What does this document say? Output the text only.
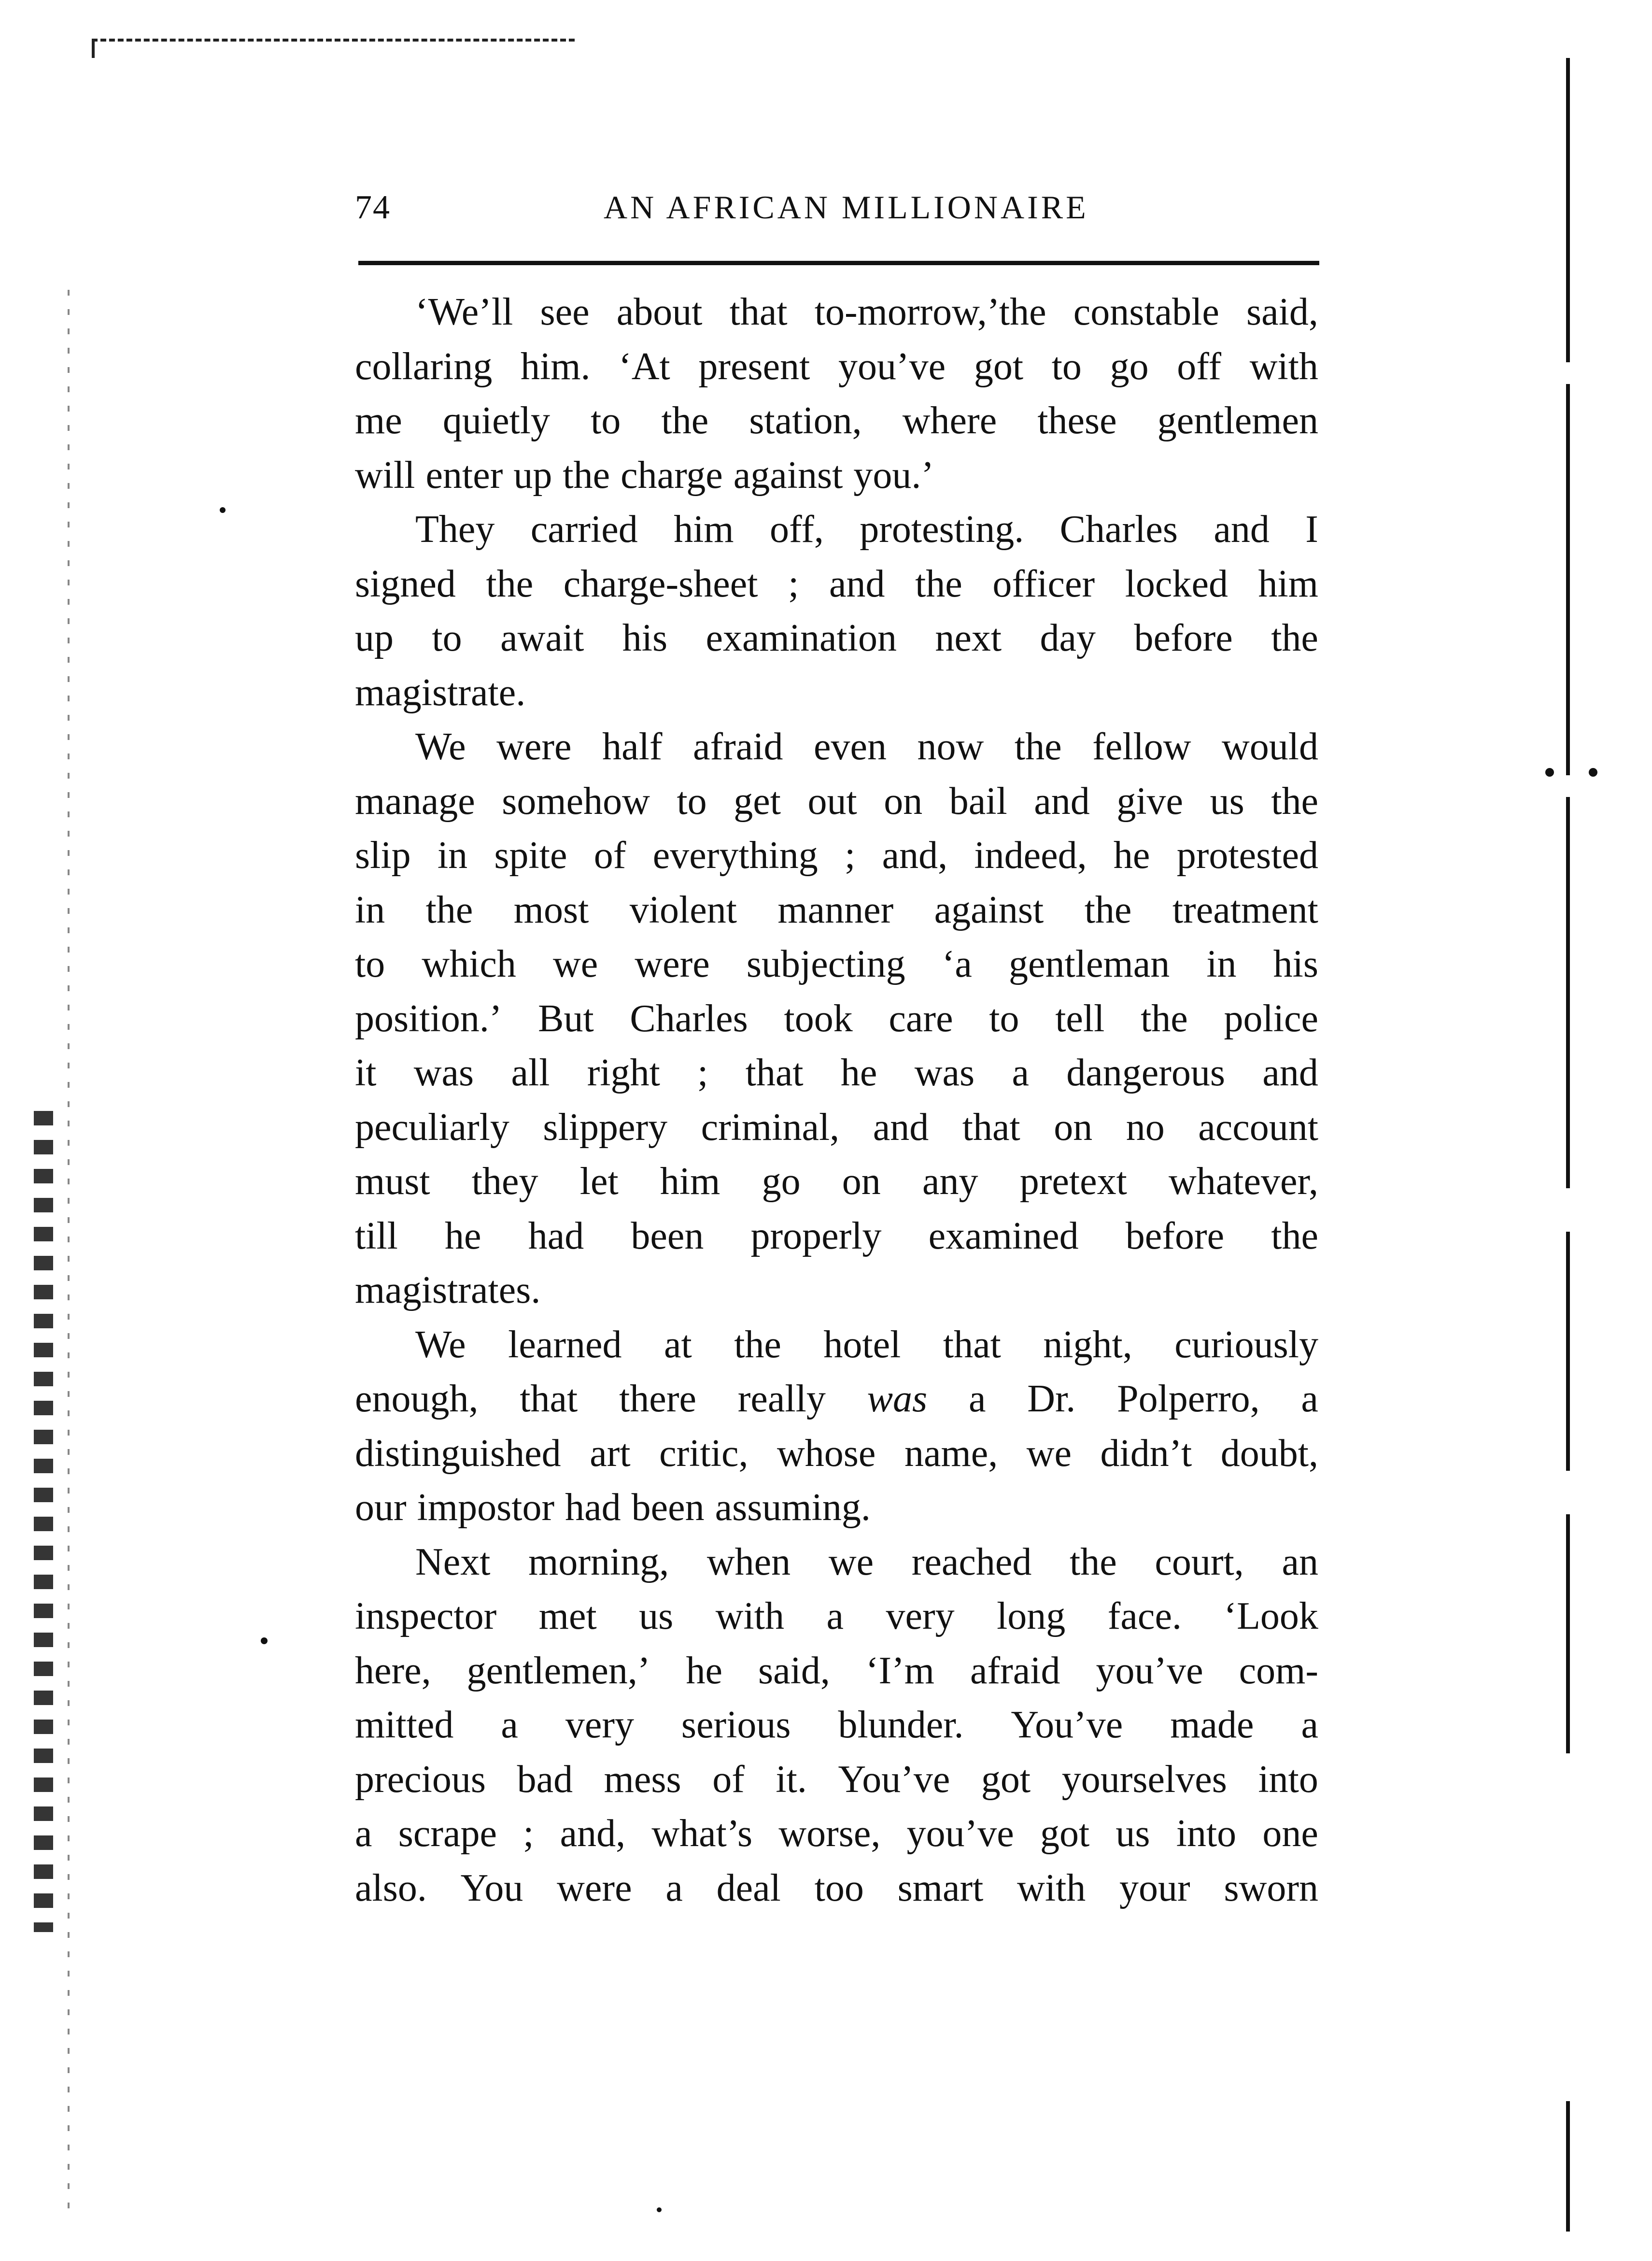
74	AN AFRICAN MILLIONAIRE
‘We’ll see about that to-morrow,’the constable said,
collaring him. ‘At present you’ve got to go off with
me quietly to the station, where these gentlemen
will enter up the charge against you.’
They carried him off, protesting. Charles and I
signed the charge-sheet ; and the officer locked him
up to await his examination next day before the
magistrate.
We were half afraid even now the fellow would
manage somehow to get out on bail and give us the
slip in spite of everything ; and, indeed, he protested
in the most violent manner against the treatment
to which we were subjecting ‘a gentleman in his
position.’ But Charles took care to tell the police
it was all right ; that he was a dangerous and
peculiarly slippery criminal, and that on no account
must they let him go on any pretext whatever,
till he had been properly examined before the
magistrates.
We learned at the hotel that night, curiously
enough, that there really was a Dr. Polperro, a
distinguished art critic, whose name, we didn’t doubt,
our impostor had been assuming.
Next morning, when we reached the court, an
inspector met us with a very long face. ‘Look
here, gentlemen,’ he said, ‘I’m afraid you’ve com-
mitted a very serious blunder. You’ve made a
precious bad mess of it. You’ve got yourselves into
a scrape ; and, what’s worse, you’ve got us into one
also. You were a deal too smart with your sworn
